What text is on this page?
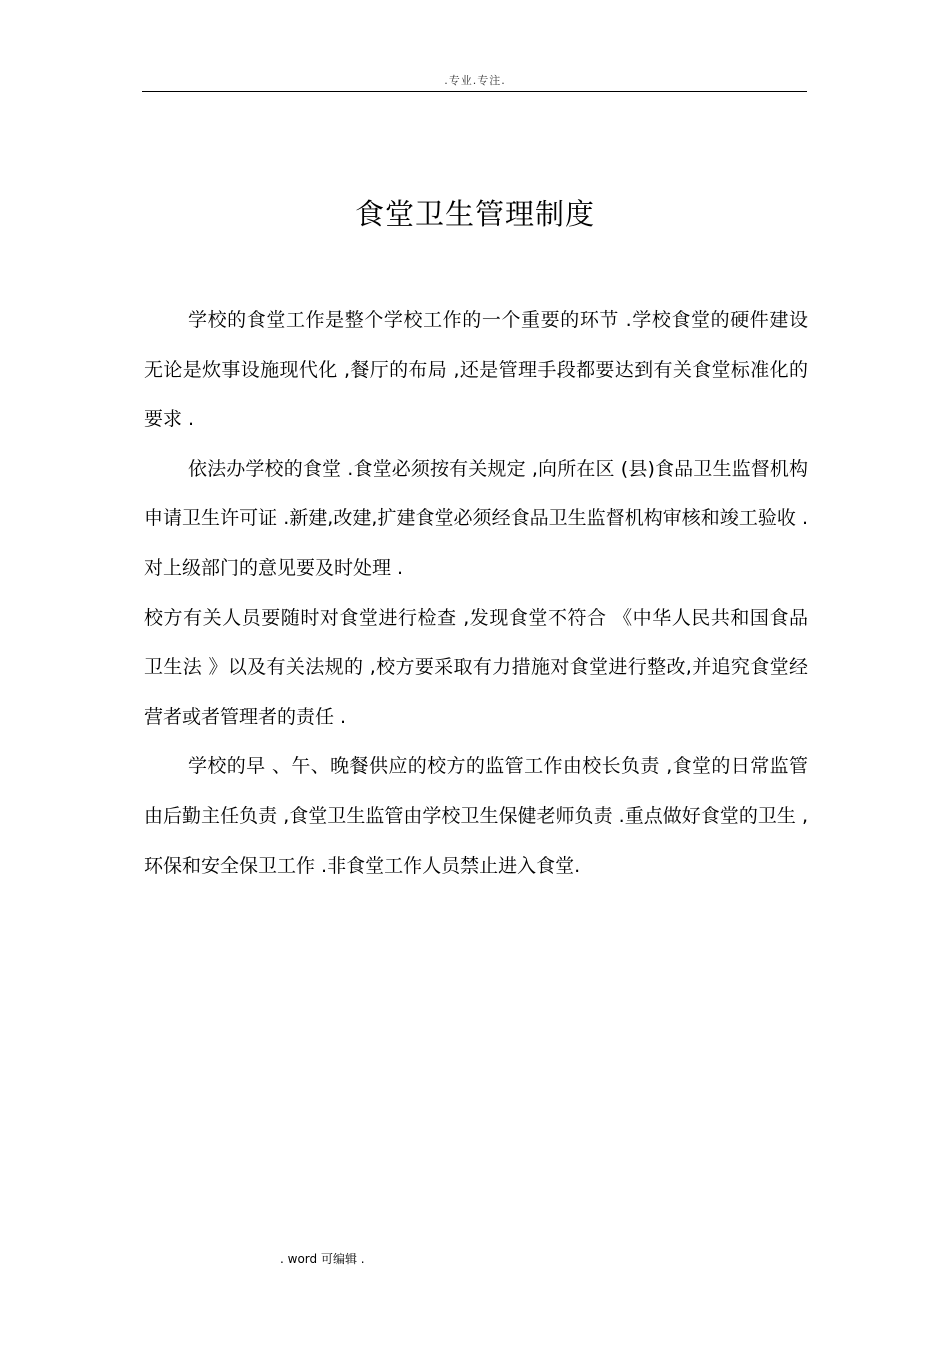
.专业.专注.
食堂卫生管理制度

学校的食堂工作是整个学校工作的一个重要的环节 .学校食堂的硬件建设无论是炊事设施现代化 ,餐厅的布局 ,还是管理手段都要达到有关食堂标准化的要求 .

依法办学校的食堂 .食堂必须按有关规定 ,向所在区 (县)食品卫生监督机构申请卫生许可证 .新建,改建,扩建食堂必须经食品卫生监督机构审核和竣工验收 .对上级部门的意见要及时处理 .

校方有关人员要随时对食堂进行检查 ,发现食堂不符合 《中华人民共和国食品卫生法 》以及有关法规的 ,校方要采取有力措施对食堂进行整改,并追究食堂经营者或者管理者的责任 .

学校的早 、午、晚餐供应的校方的监管工作由校长负责 ,食堂的日常监管由后勤主任负责 ,食堂卫生监管由学校卫生保健老师负责 .重点做好食堂的卫生 ,环保和安全保卫工作 .非食堂工作人员禁止进入食堂.

. word 可编辑 .
